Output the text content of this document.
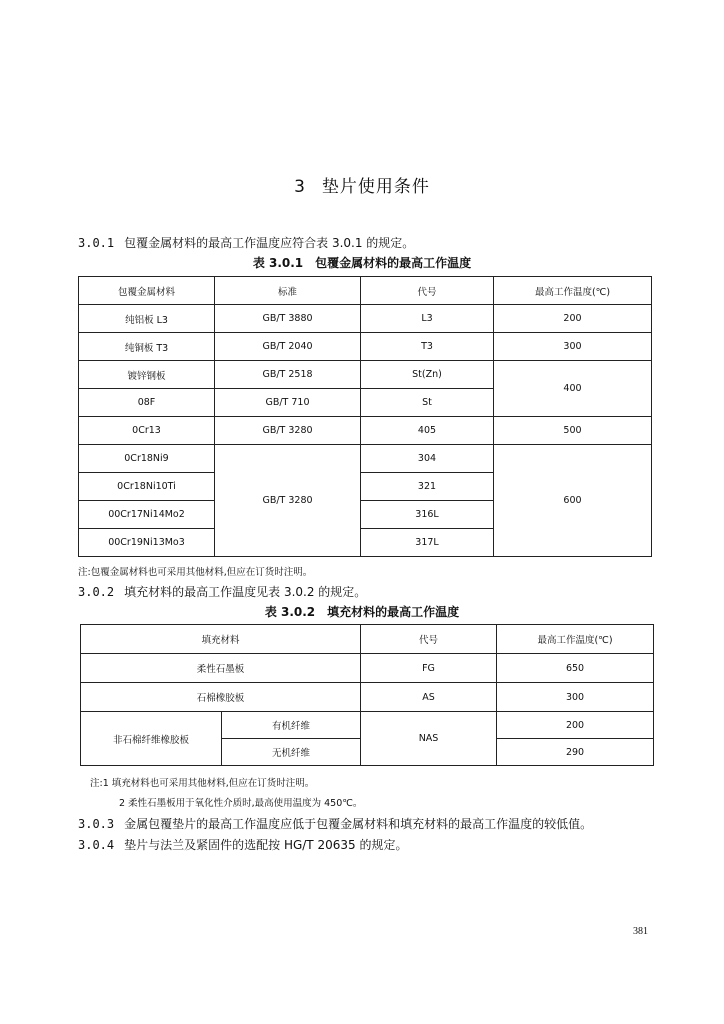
3 垫片使用条件
3.0.1 包覆金属材料的最高工作温度应符合表 3.0.1 的规定。
表 3.0.1 包覆金属材料的最高工作温度
包覆金属材料	标准	代号	最高工作温度(℃)
纯铝板 L3	GB/T 3880	L3	200
纯铜板 T3	GB/T 2040	T3	300
镀锌钢板	GB/T 2518	St(Zn)	400
08F	GB/T 710	St	
0Cr13	GB/T 3280	405	500
0Cr18Ni9	GB/T 3280	304	600
0Cr18Ni10Ti		321	
00Cr17Ni14Mo2		316L	
00Cr19Ni13Mo3		317L	
注:包覆金属材料也可采用其他材料,但应在订货时注明。
3.0.2 填充材料的最高工作温度见表 3.0.2 的规定。
表 3.0.2 填充材料的最高工作温度
填充材料		代号	最高工作温度(℃)
柔性石墨板		FG	650
石棉橡胶板		AS	300
非石棉纤维橡胶板	有机纤维	NAS	200
	无机纤维		290
注:1 填充材料也可采用其他材料,但应在订货时注明。
2 柔性石墨板用于氧化性介质时,最高使用温度为 450℃。
3.0.3 金属包覆垫片的最高工作温度应低于包覆金属材料和填充材料的最高工作温度的较低值。
3.0.4 垫片与法兰及紧固件的选配按 HG/T 20635 的规定。
381
